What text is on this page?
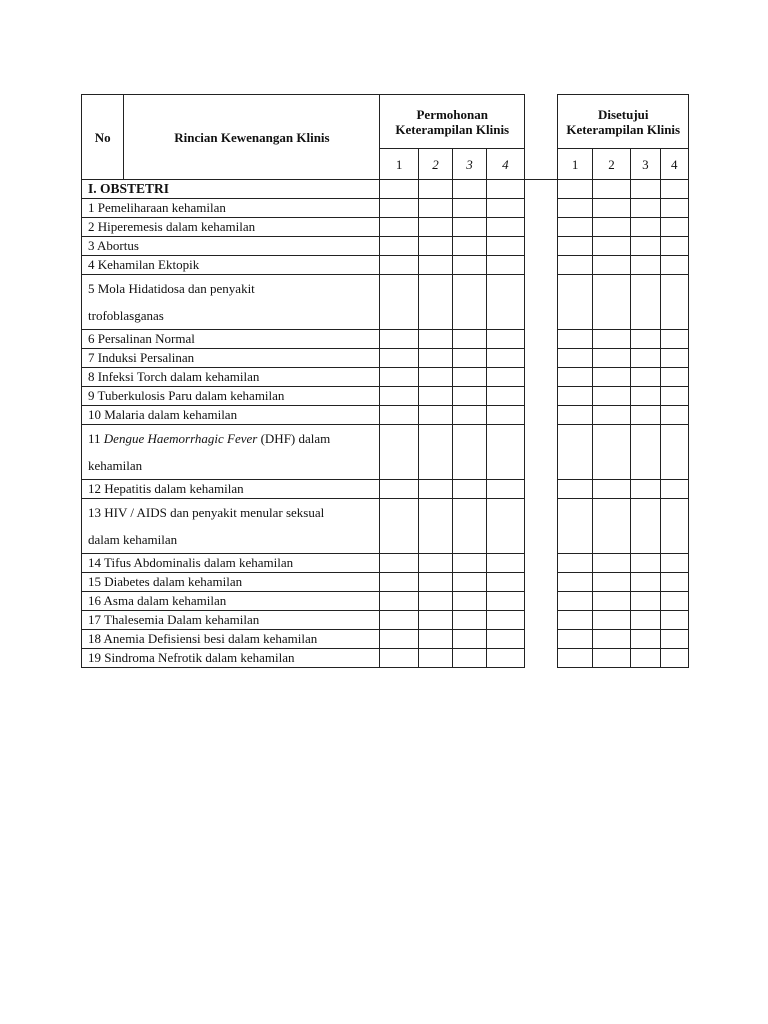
No	Rincian Kewenangan Klinis	Permohonan Keterampilan Klinis					Disetujui Keterampilan Klinis			
		1	2	3	4		1	2	3	4
I. OBSTETRI										
1 Pemeliharaan kehamilan										
2 Hiperemesis dalam kehamilan										
3 Abortus										
4 Kehamilan Ektopik										
5 Mola Hidatidosa dan penyakit
trofoblasganas										

6 Persalinan Normal										
7 Induksi Persalinan										
8 Infeksi Torch dalam kehamilan										
9 Tuberkulosis Paru dalam kehamilan										
10 Malaria dalam kehamilan										
11 Dengue Haemorrhagic Fever (DHF) dalam
kehamilan										

12 Hepatitis dalam kehamilan										
13 HIV / AIDS dan penyakit menular seksual
dalam kehamilan										

14 Tifus Abdominalis dalam kehamilan										
15 Diabetes dalam kehamilan										
16 Asma dalam kehamilan										
17 Thalesemia Dalam kehamilan										
18 Anemia Defisiensi besi dalam kehamilan										
19 Sindroma Nefrotik dalam kehamilan										
